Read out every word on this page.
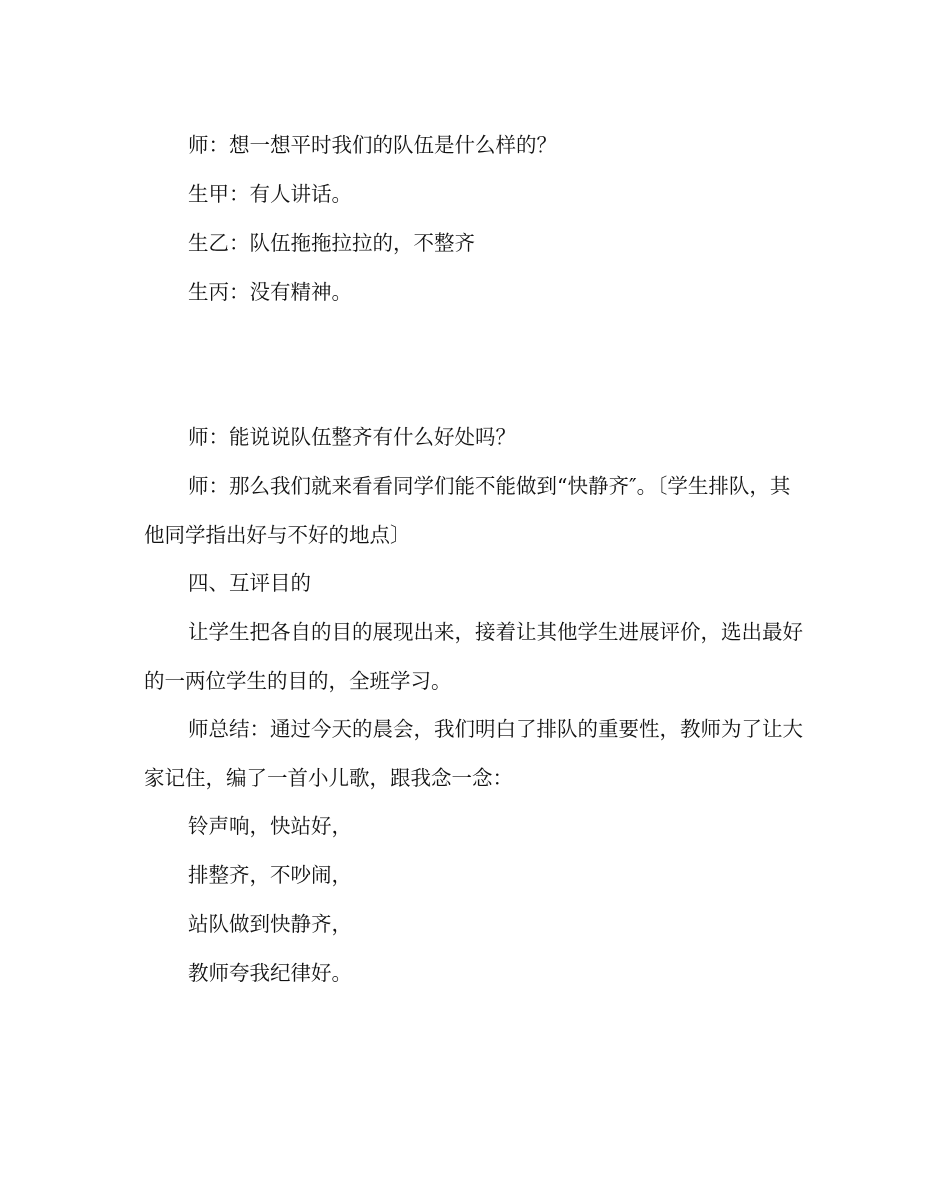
师：想一想平时我们的队伍是什么样的？

生甲：有人讲话。

生乙：队伍拖拖拉拉的，不整齐

生丙：没有精神。

师：能说说队伍整齐有什么好处吗？

师：那么我们就来看看同学们能不能做到“快静齐″。〔学生排队，其他同学指出好与不好的地点〕

四、互评目的

让学生把各自的目的展现出来，接着让其他学生进展评价，选出最好的一两位学生的目的，全班学习。

师总结：通过今天的晨会，我们明白了排队的重要性，教师为了让大家记住，编了一首小儿歌，跟我念一念：

铃声响，快站好，

排整齐，不吵闹，

站队做到快静齐，

教师夸我纪律好。
